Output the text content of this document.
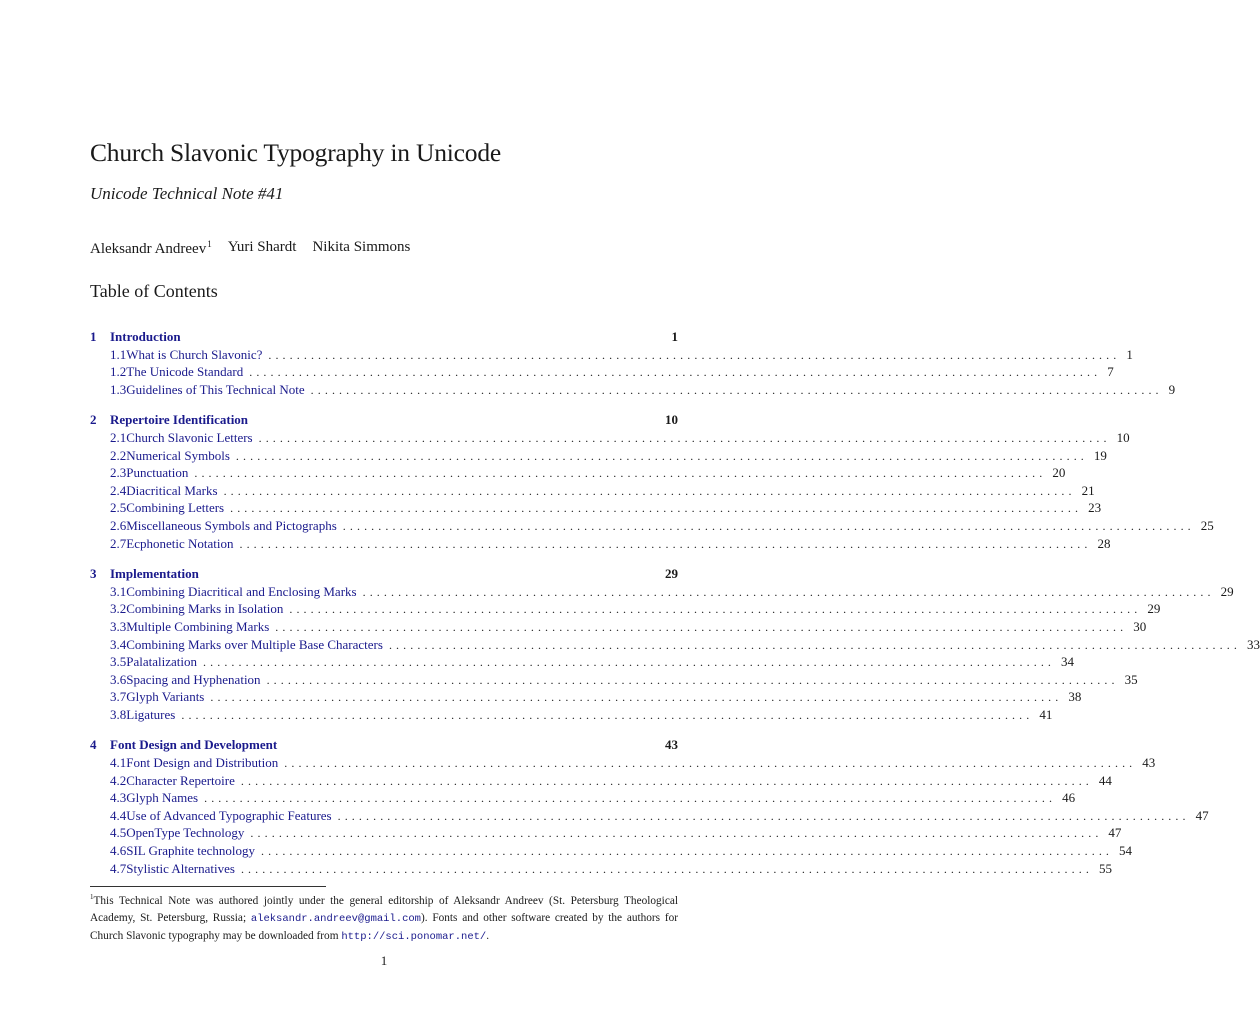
Church Slavonic Typography in Unicode
Unicode Technical Note #41
Aleksandr Andreev$^1$ Yuri Shardt Nikita Simmons
Table of Contents
1	Introduction	1
1.1 What is Church Slavonic? ........................................................................................................................ 1
1.2 The Unicode Standard ........................................................................................................................ 7
1.3 Guidelines of This Technical Note ........................................................................................................................ 9
2	Repertoire Identification	10
2.1 Church Slavonic Letters ........................................................................................................................ 10
2.2 Numerical Symbols ........................................................................................................................ 19
2.3 Punctuation ........................................................................................................................ 20
2.4 Diacritical Marks ........................................................................................................................ 21
2.5 Combining Letters ........................................................................................................................ 23
2.6 Miscellaneous Symbols and Pictographs ........................................................................................................................ 25
2.7 Ecphonetic Notation ........................................................................................................................ 28
3	Implementation	29
3.1 Combining Diacritical and Enclosing Marks ........................................................................................................................ 29
3.2 Combining Marks in Isolation ........................................................................................................................ 29
3.3 Multiple Combining Marks ........................................................................................................................ 30
3.4 Combining Marks over Multiple Base Characters ........................................................................................................................ 33
3.5 Palatalization ........................................................................................................................ 34
3.6 Spacing and Hyphenation ........................................................................................................................ 35
3.7 Glyph Variants ........................................................................................................................ 38
3.8 Ligatures ........................................................................................................................ 41
4	Font Design and Development	43
4.1 Font Design and Distribution ........................................................................................................................ 43
4.2 Character Repertoire ........................................................................................................................ 44
4.3 Glyph Names ........................................................................................................................ 46
4.4 Use of Advanced Typographic Features ........................................................................................................................ 47
4.5 OpenType Technology ........................................................................................................................ 47
4.6 SIL Graphite technology ........................................................................................................................ 54
4.7 Stylistic Alternatives ........................................................................................................................ 55
$^1$This Technical Note was authored jointly under the general editorship of Aleksandr Andreev (St. Petersburg Theological Academy, St. Petersburg, Russia; aleksandr.andreev@gmail.com). Fonts and other software created by the authors for Church Slavonic typography may be downloaded from http://sci.ponomar.net/.
1
